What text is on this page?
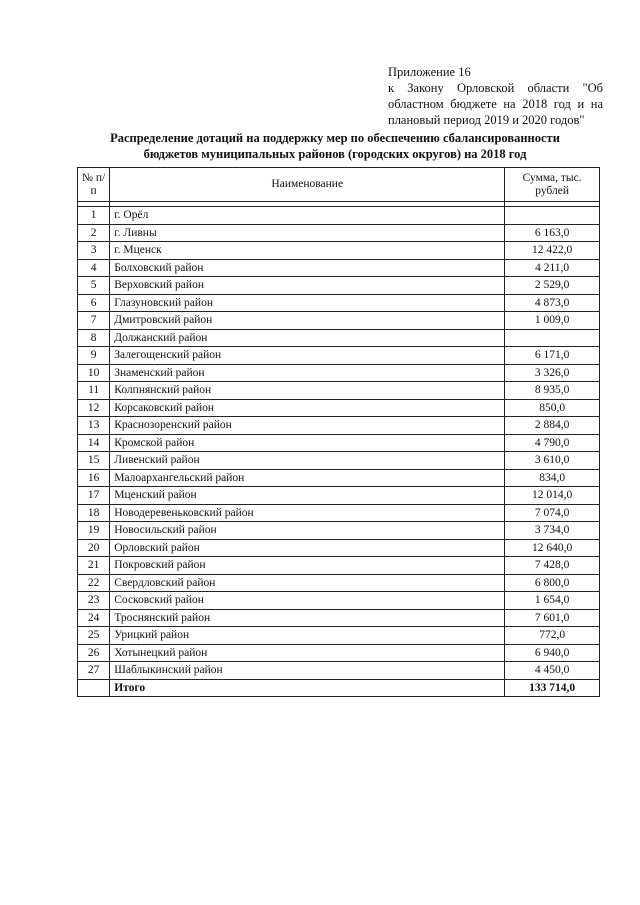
Приложение 16
к Закону Орловской области "Об областном бюджете на 2018 год и на плановый период 2019 и 2020 годов"
Распределение дотаций на поддержку мер по обеспечению сбалансированности
бюджетов муниципальных районов (городских округов) на 2018 год
№ п/п	Наименование	Сумма, тыс. рублей

1	г. Орёл	
2	г. Ливны	6 163,0
3	г. Мценск	12 422,0
4	Болховский район	4 211,0
5	Верховский район	2 529,0
6	Глазуновский район	4 873,0
7	Дмитровский район	1 009,0
8	Должанский район	
9	Залегощенский район	6 171,0
10	Знаменский район	3 326,0
11	Колпнянский район	8 935,0
12	Корсаковский район	850,0
13	Краснозоренский район	2 884,0
14	Кромской район	4 790,0
15	Ливенский район	3 610,0
16	Малоархангельский район	834,0
17	Мценский район	12 014,0
18	Новодеревеньковский район	7 074,0
19	Новосильский район	3 734,0
20	Орловский район	12 640,0
21	Покровский район	7 428,0
22	Свердловский район	6 800,0
23	Сосковский район	1 654,0
24	Троснянский район	7 601,0
25	Урицкий район	772,0
26	Хотынецкий район	6 940,0
27	Шаблыкинский район	4 450,0
	Итого	133 714,0
